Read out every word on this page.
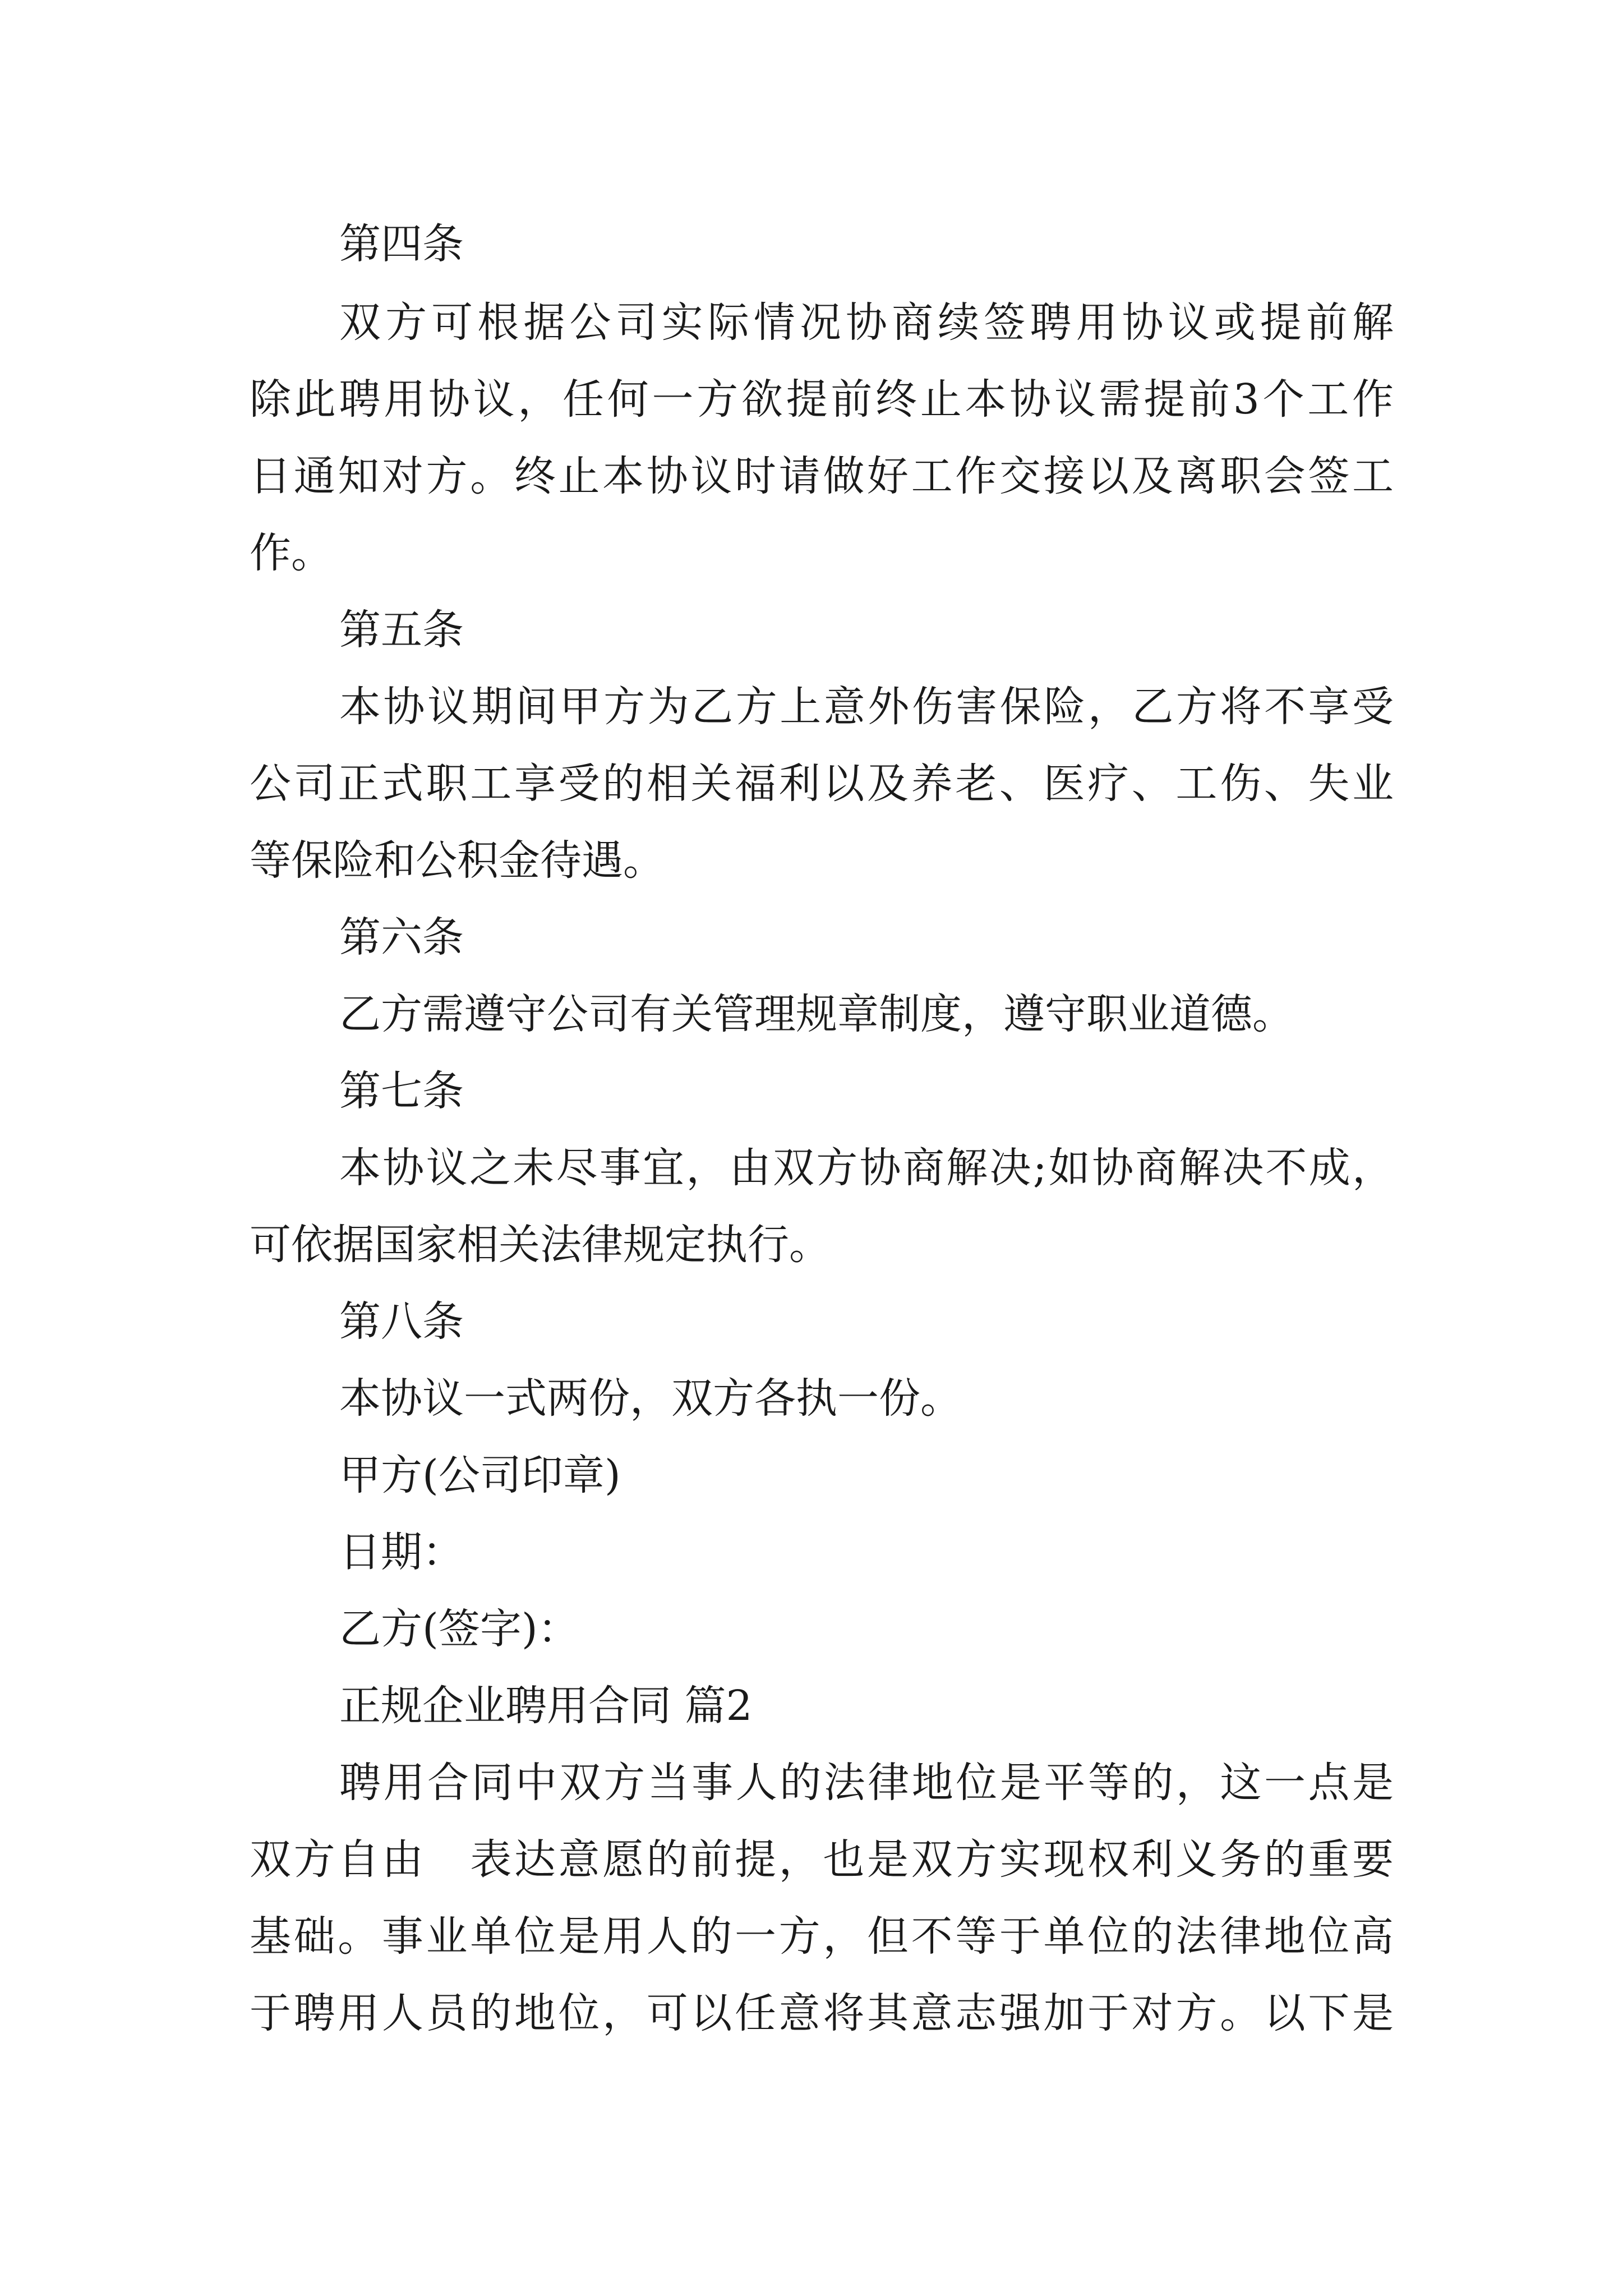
第四条
双方可根据公司实际情况协商续签聘用协议或提前解
除此聘用协议，任何一方欲提前终止本协议需提前3个工作
日通知对方。终止本协议时请做好工作交接以及离职会签工
作。
第五条
本协议期间甲方为乙方上意外伤害保险，乙方将不享受
公司正式职工享受的相关福利以及养老、医疗、工伤、失业
等保险和公积金待遇。
第六条
乙方需遵守公司有关管理规章制度，遵守职业道德。
第七条
本协议之未尽事宜，由双方协商解决;如协商解决不成，
可依据国家相关法律规定执行。
第八条
本协议一式两份，双方各执一份。
甲方(公司印章)
日期：
乙方(签字)：
正规企业聘用合同 篇2
聘用合同中双方当事人的法律地位是平等的，这一点是
双方自由　表达意愿的前提，也是双方实现权利义务的重要
基础。事业单位是用人的一方，但不等于单位的法律地位高
于聘用人员的地位，可以任意将其意志强加于对方。以下是
